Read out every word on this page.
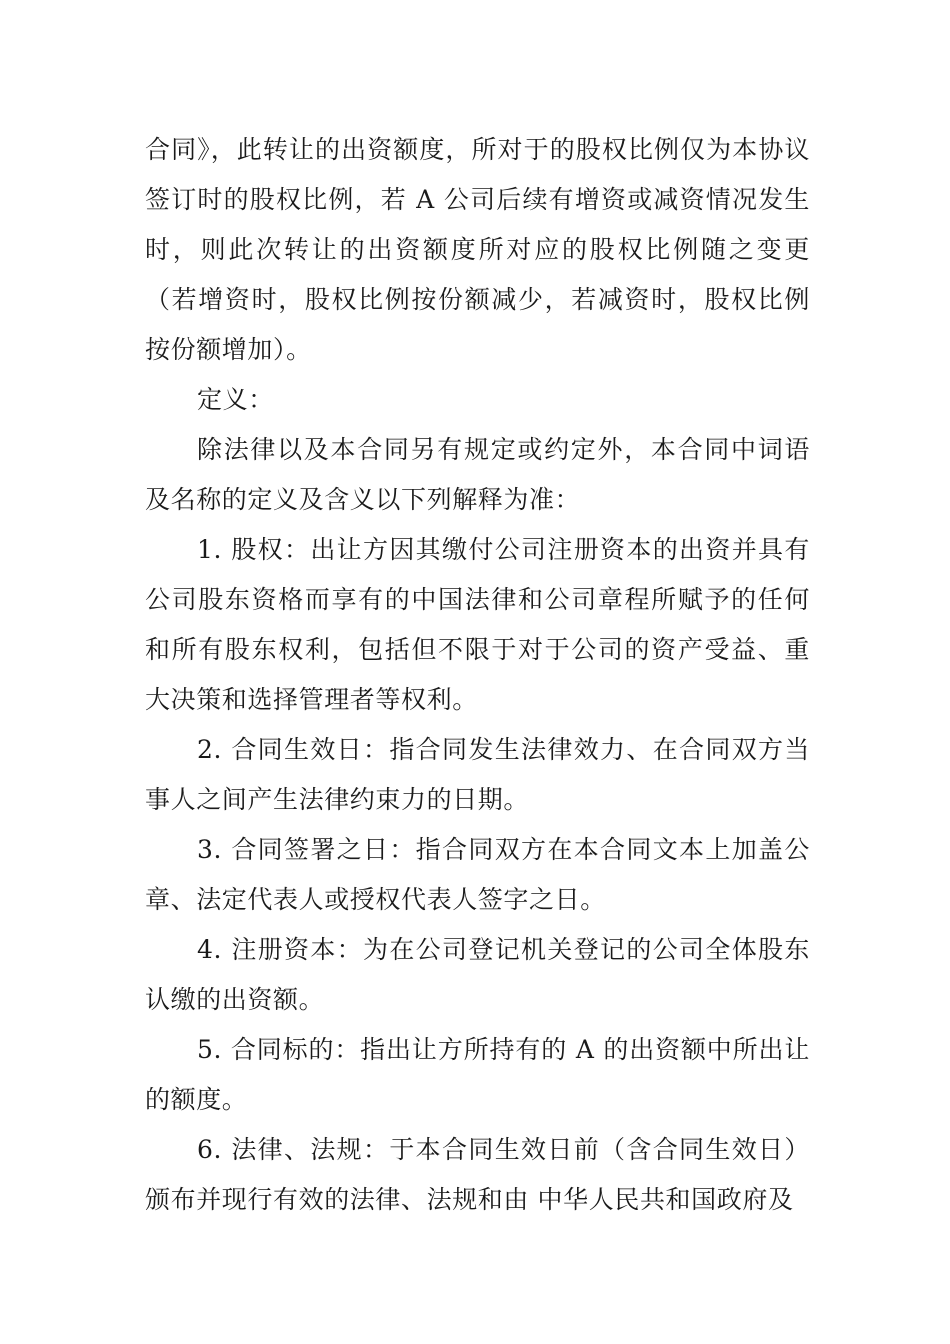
合同》，此转让的出资额度，所对于的股权比例仅为本协议签订时的股权比例，若 A 公司后续有增资或减资情况发生时，则此次转让的出资额度所对应的股权比例随之变更（若增资时，股权比例按份额减少，若减资时，股权比例按份额增加）。

定义：

除法律以及本合同另有规定或约定外，本合同中词语及名称的定义及含义以下列解释为准：

1. 股权：出让方因其缴付公司注册资本的出资并具有公司股东资格而享有的中国法律和公司章程所赋予的任何和所有股东权利，包括但不限于对于公司的资产受益、重大决策和选择管理者等权利。

2. 合同生效日：指合同发生法律效力、在合同双方当事人之间产生法律约束力的日期。

3. 合同签署之日：指合同双方在本合同文本上加盖公章、法定代表人或授权代表人签字之日。

4. 注册资本：为在公司登记机关登记的公司全体股东认缴的出资额。

5. 合同标的：指出让方所持有的 A 的出资额中所出让的额度。

6. 法律、法规：于本合同生效日前（含合同生效日）颁布并现行有效的法律、法规和由 中华人民共和国政府及
